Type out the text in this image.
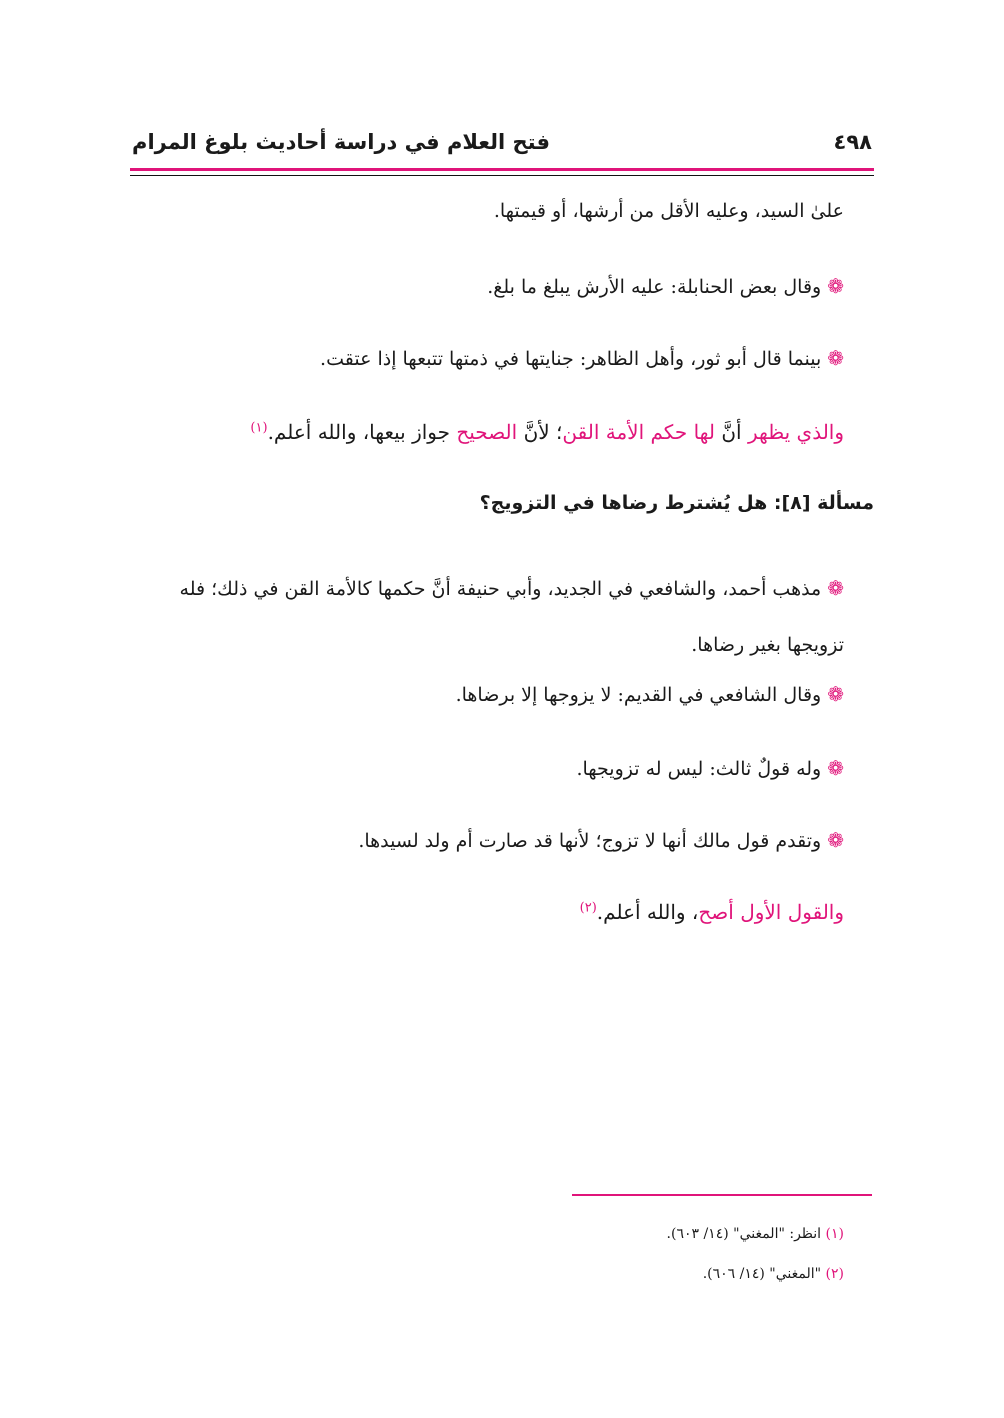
فتح العلام في دراسة أحاديث بلوغ المرام	٤٩٨
علىٰ السيد، وعليه الأقل من أرشها، أو قيمتها.
❁وقال بعض الحنابلة: عليه الأرش يبلغ ما بلغ.
❁بينما قال أبو ثور، وأهل الظاهر: جنايتها في ذمتها تتبعها إذا عتقت.
والذي يظهر أنَّ لها حكم الأمة القن؛ لأنَّ الصحيح جواز بيعها، والله أعلم.$^{(١)}$
مسألة [٨]: هل يُشترط رضاها في التزويج؟
❁مذهب أحمد، والشافعي في الجديد، وأبي حنيفة أنَّ حكمها كالأمة القن في ذلك؛ فله تزويجها بغير رضاها.
❁وقال الشافعي في القديم: لا يزوجها إلا برضاها.
❁وله قولٌ ثالث: ليس له تزويجها.
❁وتقدم قول مالك أنها لا تزوج؛ لأنها قد صارت أم ولد لسيدها.
والقول الأول أصح، والله أعلم.$^{(٢)}$
(١) انظر: "المغني" (١٤/ ٦٠٣).
(٢) "المغني" (١٤/ ٦٠٦).
